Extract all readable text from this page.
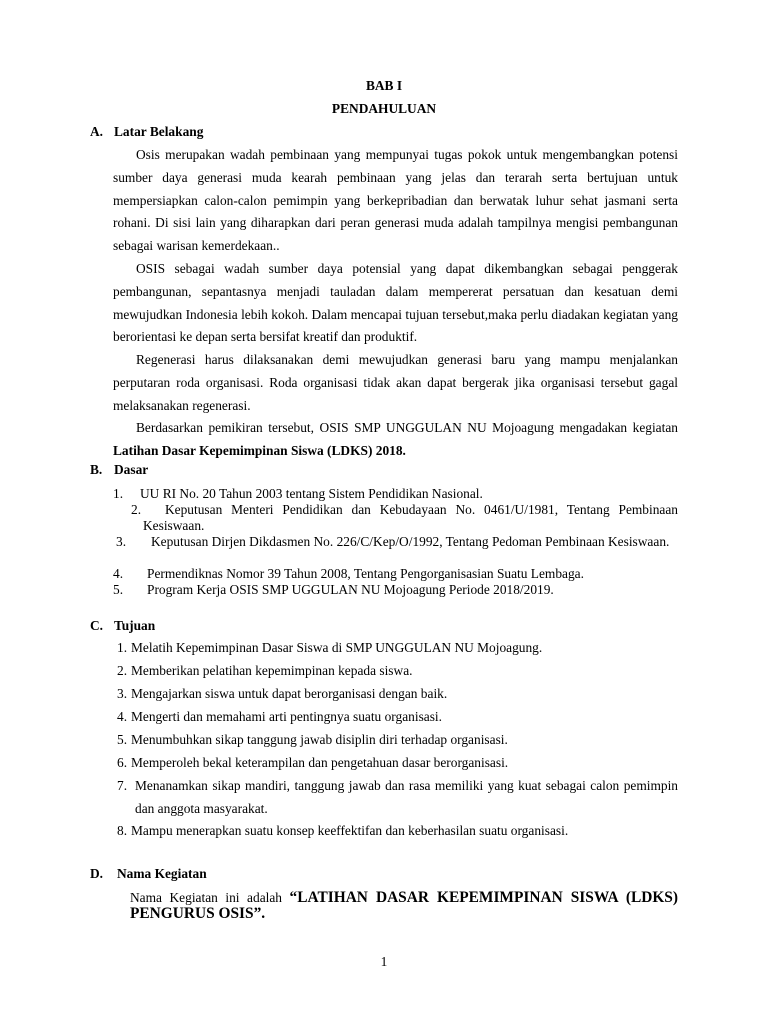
BAB I
PENDAHULUAN
A. Latar Belakang
Osis merupakan wadah pembinaan yang mempunyai tugas pokok untuk mengembangkan potensi sumber daya generasi muda kearah pembinaan yang jelas dan terarah serta bertujuan untuk mempersiapkan calon-calon pemimpin yang berkepribadian dan berwatak luhur sehat jasmani serta rohani. Di sisi lain yang diharapkan dari peran generasi muda adalah tampilnya mengisi pembangunan sebagai warisan kemerdekaan..
OSIS sebagai wadah sumber daya potensial yang dapat dikembangkan sebagai penggerak pembangunan, sepantasnya menjadi tauladan dalam mempererat persatuan dan kesatuan demi mewujudkan Indonesia lebih kokoh. Dalam mencapai tujuan tersebut,maka perlu diadakan kegiatan yang berorientasi ke depan serta bersifat kreatif dan produktif.
Regenerasi harus dilaksanakan demi mewujudkan generasi baru yang mampu menjalankan perputaran roda organisasi. Roda organisasi tidak akan dapat bergerak jika organisasi tersebut gagal melaksanakan regenerasi.
Berdasarkan pemikiran tersebut, OSIS SMP UNGGULAN NU Mojoagung mengadakan kegiatan Latihan Dasar Kepemimpinan Siswa (LDKS) 2018.
B. Dasar
1. UU RI No. 20 Tahun 2003 tentang Sistem Pendidikan Nasional.
2. Keputusan Menteri Pendidikan dan Kebudayaan No. 0461/U/1981, Tentang Pembinaan Kesiswaan.
3. Keputusan Dirjen Dikdasmen No. 226/C/Kep/O/1992, Tentang Pedoman Pembinaan Kesiswaan.
4. Permendiknas Nomor 39 Tahun 2008, Tentang Pengorganisasian Suatu Lembaga.
5. Program Kerja OSIS SMP UGGULAN NU Mojoagung Periode 2018/2019.
C. Tujuan
1. Melatih Kepemimpinan Dasar Siswa di SMP UNGGULAN NU Mojoagung.
2. Memberikan pelatihan kepemimpinan kepada siswa.
3. Mengajarkan siswa untuk dapat berorganisasi dengan baik.
4. Mengerti dan memahami arti pentingnya suatu organisasi.
5. Menumbuhkan sikap tanggung jawab disiplin diri terhadap organisasi.
6. Memperoleh bekal keterampilan dan pengetahuan dasar berorganisasi.
7. Menanamkan sikap mandiri, tanggung jawab dan rasa memiliki yang kuat sebagai calon pemimpin dan anggota masyarakat.
8. Mampu menerapkan suatu konsep keeffektifan dan keberhasilan suatu organisasi.
D. Nama Kegiatan
Nama Kegiatan ini adalah “LATIHAN DASAR KEPEMIMPINAN SISWA (LDKS) PENGURUS OSIS”.
1
